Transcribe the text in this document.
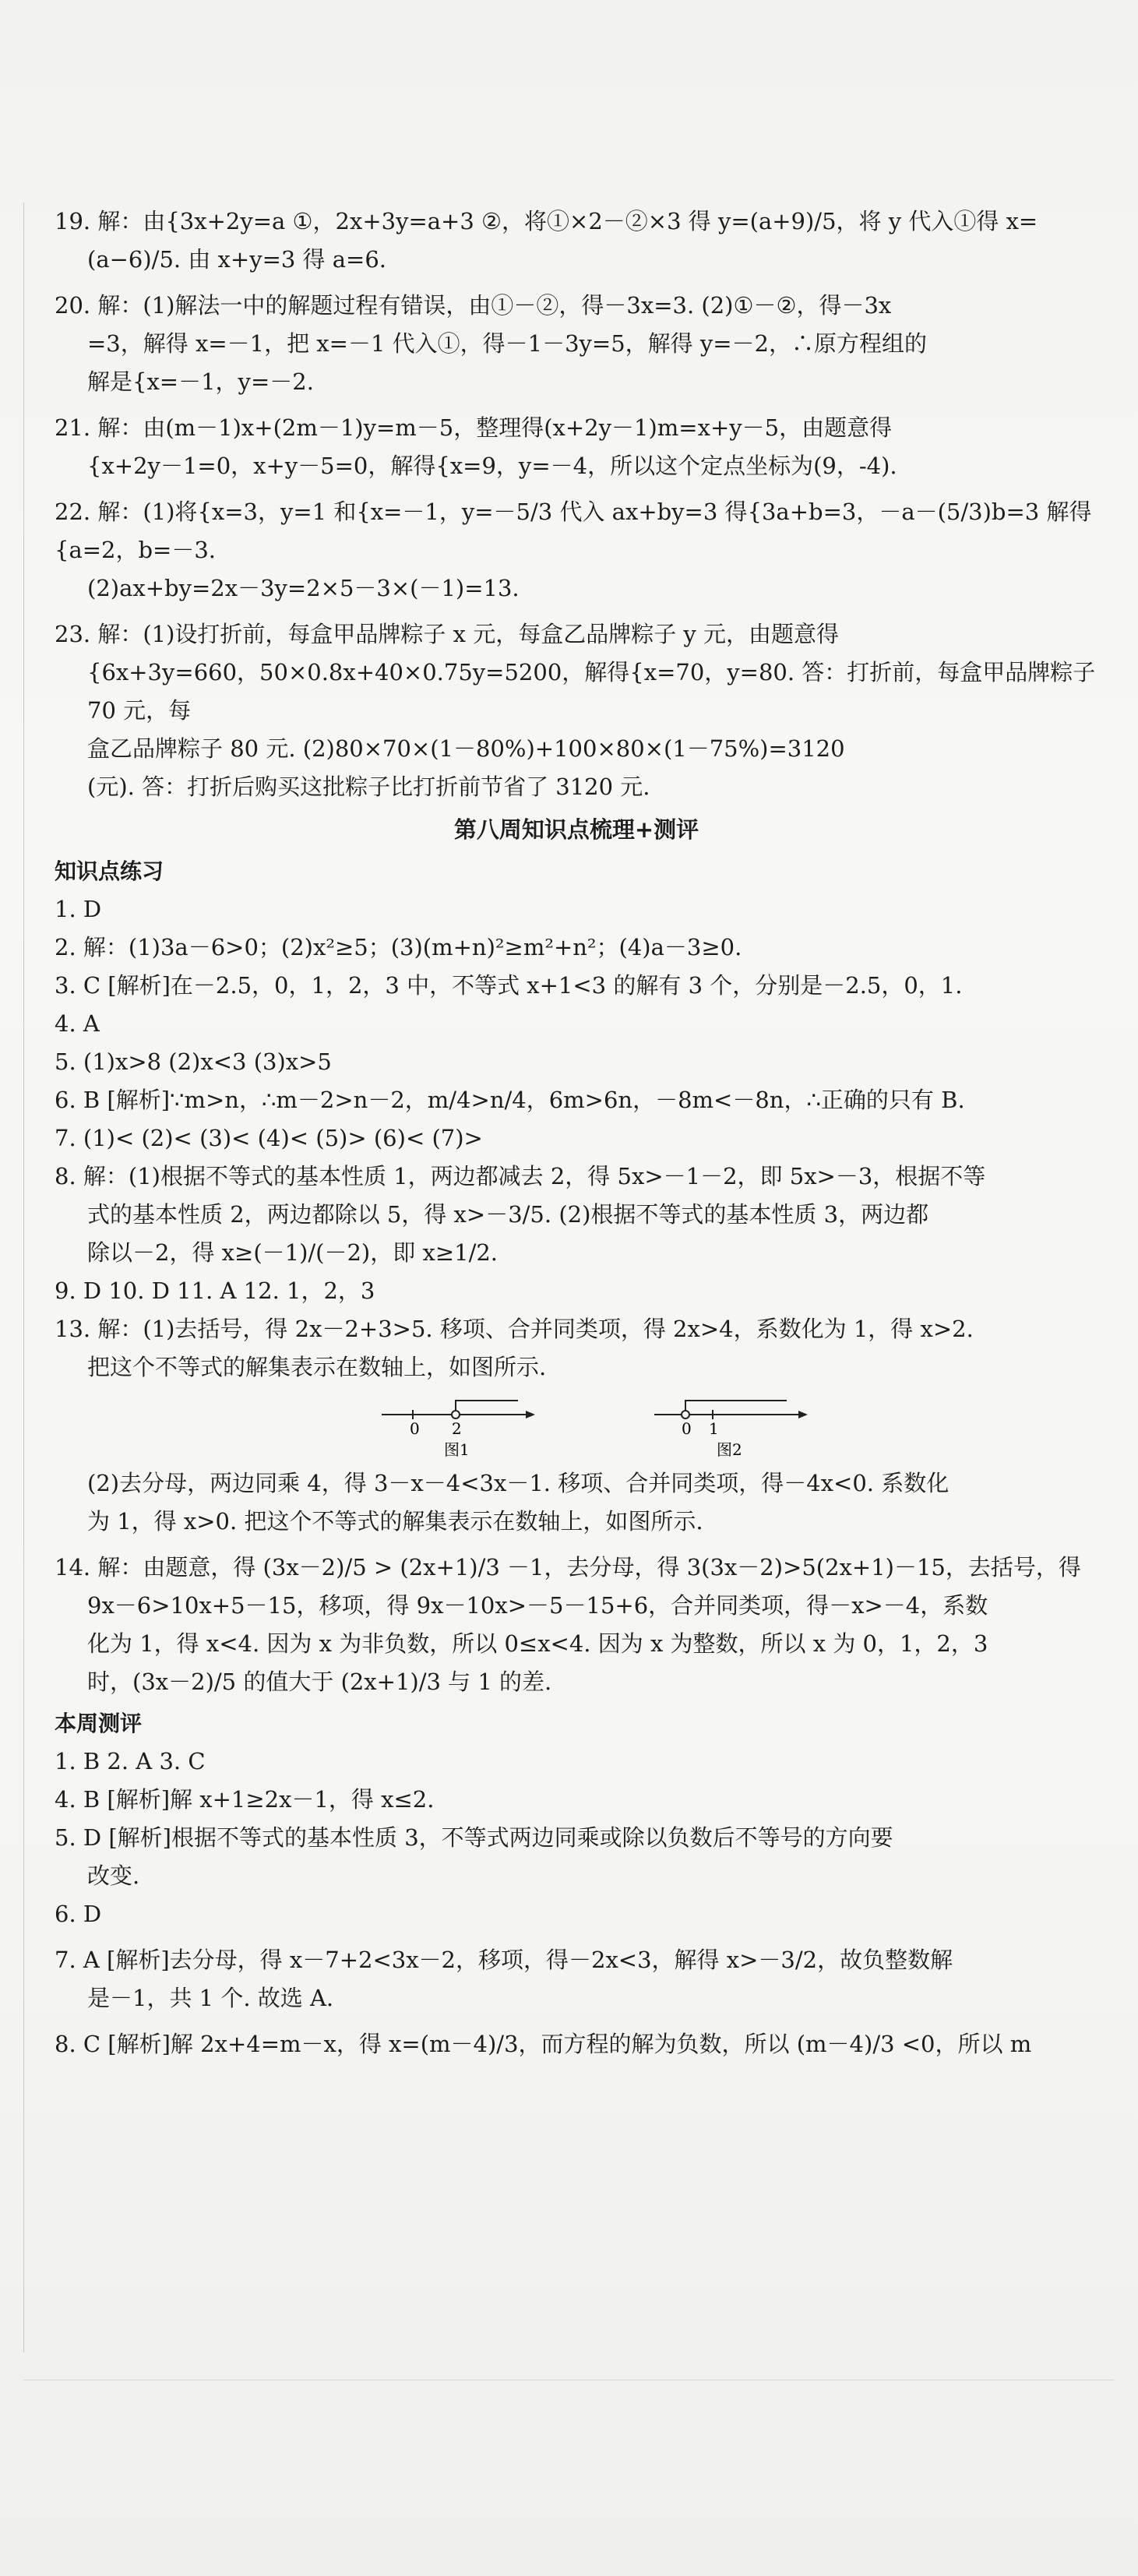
19. 解：由{3x+2y=a ①，2x+3y=a+3 ②，将①×2－②×3 得 y=(a+9)/5，将 y 代入①得 x=

(a−6)/5. 由 x+y=3 得 a=6.

20. 解：(1)解法一中的解题过程有错误，由①－②，得－3x=3. (2)①－②，得－3x

=3，解得 x=－1，把 x=－1 代入①，得－1－3y=5，解得 y=－2，∴原方程组的

解是{x=－1，y=－2.

21. 解：由(m－1)x+(2m－1)y=m－5，整理得(x+2y－1)m=x+y－5，由题意得

{x+2y－1=0，x+y－5=0，解得{x=9，y=－4，所以这个定点坐标为(9，-4).

22. 解：(1)将{x=3，y=1 和{x=－1，y=－5/3 代入 ax+by=3 得{3a+b=3，－a－(5/3)b=3 解得{a=2，b=－3.

(2)ax+by=2x－3y=2×5－3×(－1)=13.

23. 解：(1)设打折前，每盒甲品牌粽子 x 元，每盒乙品牌粽子 y 元，由题意得

{6x+3y=660，50×0.8x+40×0.75y=5200，解得{x=70，y=80. 答：打折前，每盒甲品牌粽子 70 元，每

盒乙品牌粽子 80 元. (2)80×70×(1－80%)+100×80×(1－75%)=3120

(元). 答：打折后购买这批粽子比打折前节省了 3120 元.

第八周知识点梳理+测评

知识点练习

1. D

2. 解：(1)3a－6>0；(2)x²≥5；(3)(m+n)²≥m²+n²；(4)a－3≥0.

3. C [解析]在－2.5，0，1，2，3 中，不等式 x+1<3 的解有 3 个，分别是－2.5，0，1.

4. A

5. (1)x>8 (2)x<3 (3)x>5

6. B [解析]∵m>n，∴m－2>n－2，m/4>n/4，6m>6n，－8m<－8n，∴正确的只有 B.

7. (1)< (2)< (3)< (4)< (5)> (6)< (7)>

8. 解：(1)根据不等式的基本性质 1，两边都减去 2，得 5x>－1－2，即 5x>－3，根据不等

式的基本性质 2，两边都除以 5，得 x>－3/5. (2)根据不等式的基本性质 3，两边都

除以－2，得 x≥(－1)/(－2)，即 x≥1/2.

9. D 10. D 11. A 12. 1，2，3

13. 解：(1)去括号，得 2x－2+3>5. 移项、合并同类项，得 2x>4，系数化为 1，得 x>2.

把这个不等式的解集表示在数轴上，如图所示.

0 2
图1
0 1
图2

(2)去分母，两边同乘 4，得 3－x－4<3x－1. 移项、合并同类项，得－4x<0. 系数化

为 1，得 x>0. 把这个不等式的解集表示在数轴上，如图所示.

14. 解：由题意，得 (3x－2)/5 > (2x+1)/3 －1，去分母，得 3(3x－2)>5(2x+1)－15，去括号，得

9x－6>10x+5－15，移项，得 9x－10x>－5－15+6，合并同类项，得－x>－4，系数

化为 1，得 x<4. 因为 x 为非负数，所以 0≤x<4. 因为 x 为整数，所以 x 为 0，1，2，3

时，(3x－2)/5 的值大于 (2x+1)/3 与 1 的差.

本周测评

1. B 2. A 3. C

4. B [解析]解 x+1≥2x－1，得 x≤2.

5. D [解析]根据不等式的基本性质 3，不等式两边同乘或除以负数后不等号的方向要

改变.

6. D

7. A [解析]去分母，得 x－7+2<3x－2，移项，得－2x<3，解得 x>－3/2，故负整数解

是－1，共 1 个. 故选 A.

8. C [解析]解 2x+4=m－x，得 x=(m－4)/3，而方程的解为负数，所以 (m－4)/3 <0，所以 m
